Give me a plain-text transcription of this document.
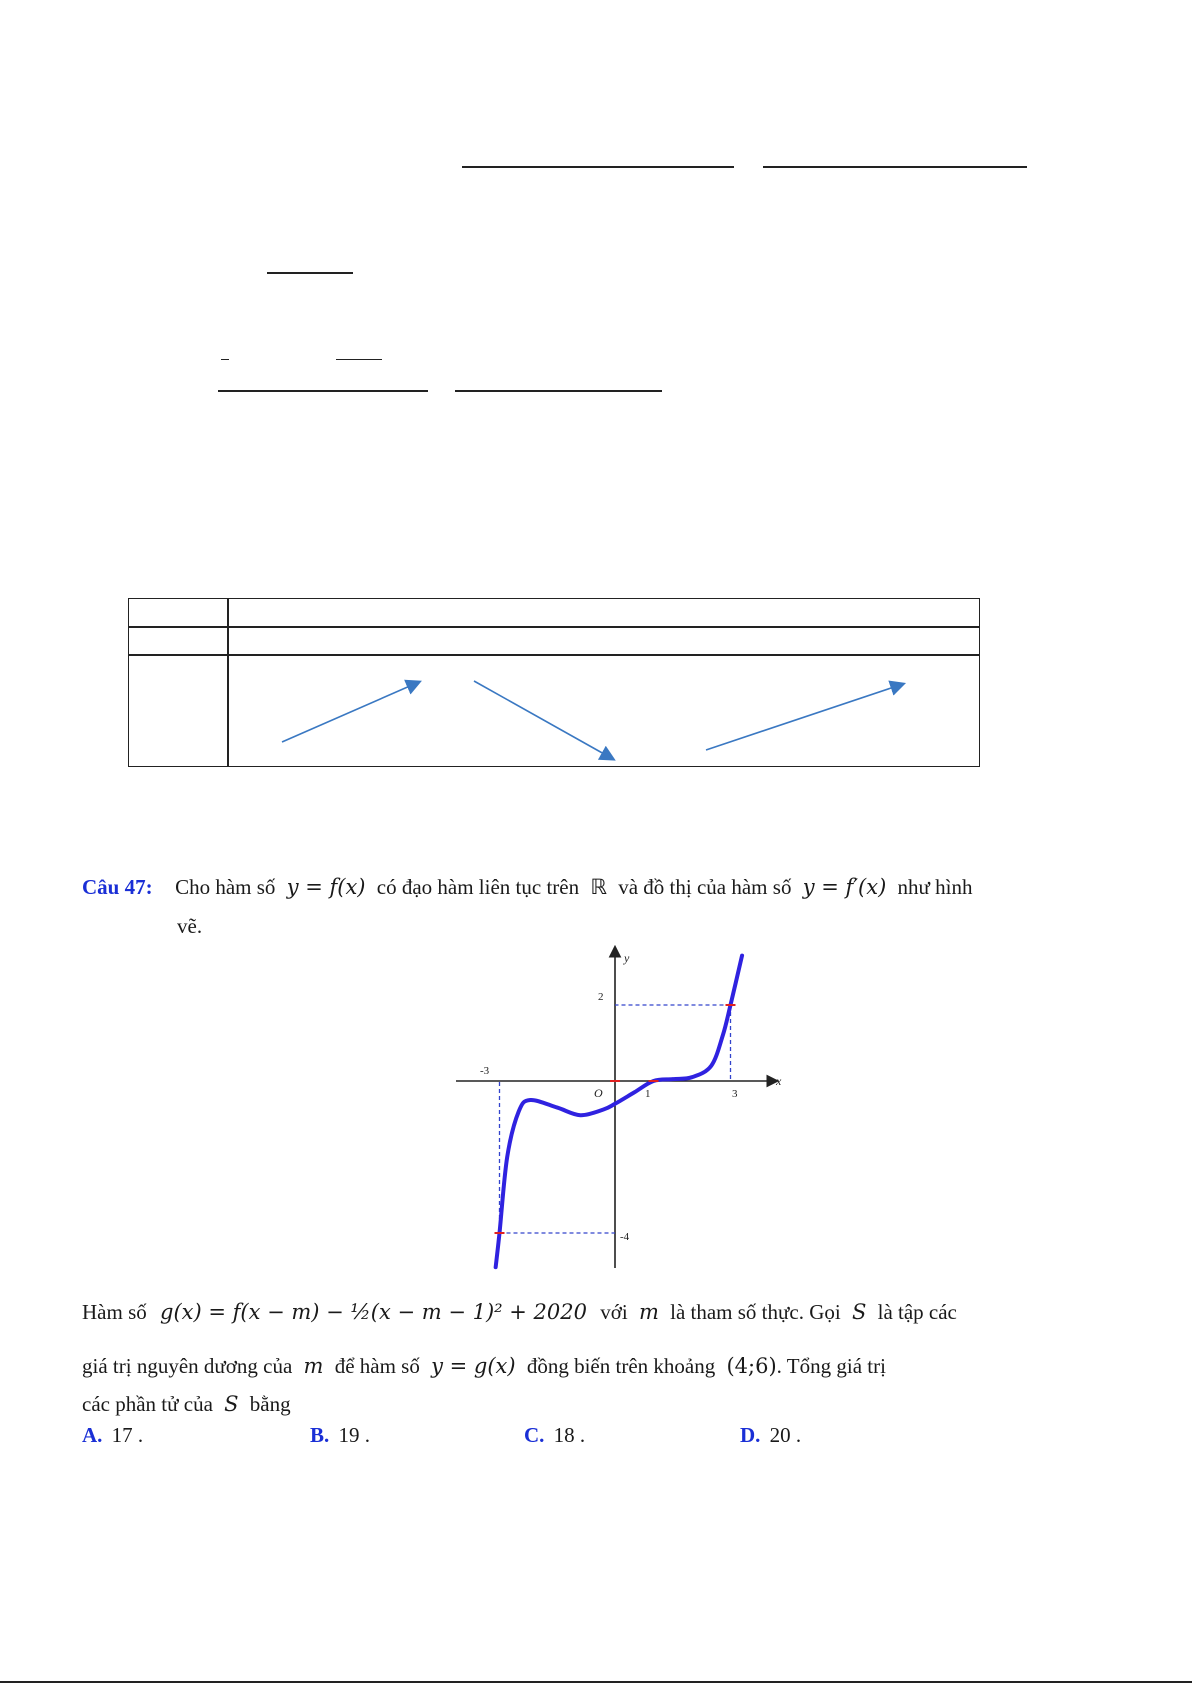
Câu 47: Cho hàm số y = f(x) có đạo hàm liên tục trên ℝ và đồ thị của hàm số y = f′(x) như hình
vẽ.
y
x
O
-3
1	3
2
-4
Hàm số g(x) = f(x − m) − ½(x − m − 1)² + 2020 với m là tham số thực. Gọi S là tập các
giá trị nguyên dương của m để hàm số y = g(x) đồng biến trên khoảng (4;6). Tổng giá trị
các phần tử của S bằng
A. 17 .	B. 19 .	C. 18 .	D. 20 .
